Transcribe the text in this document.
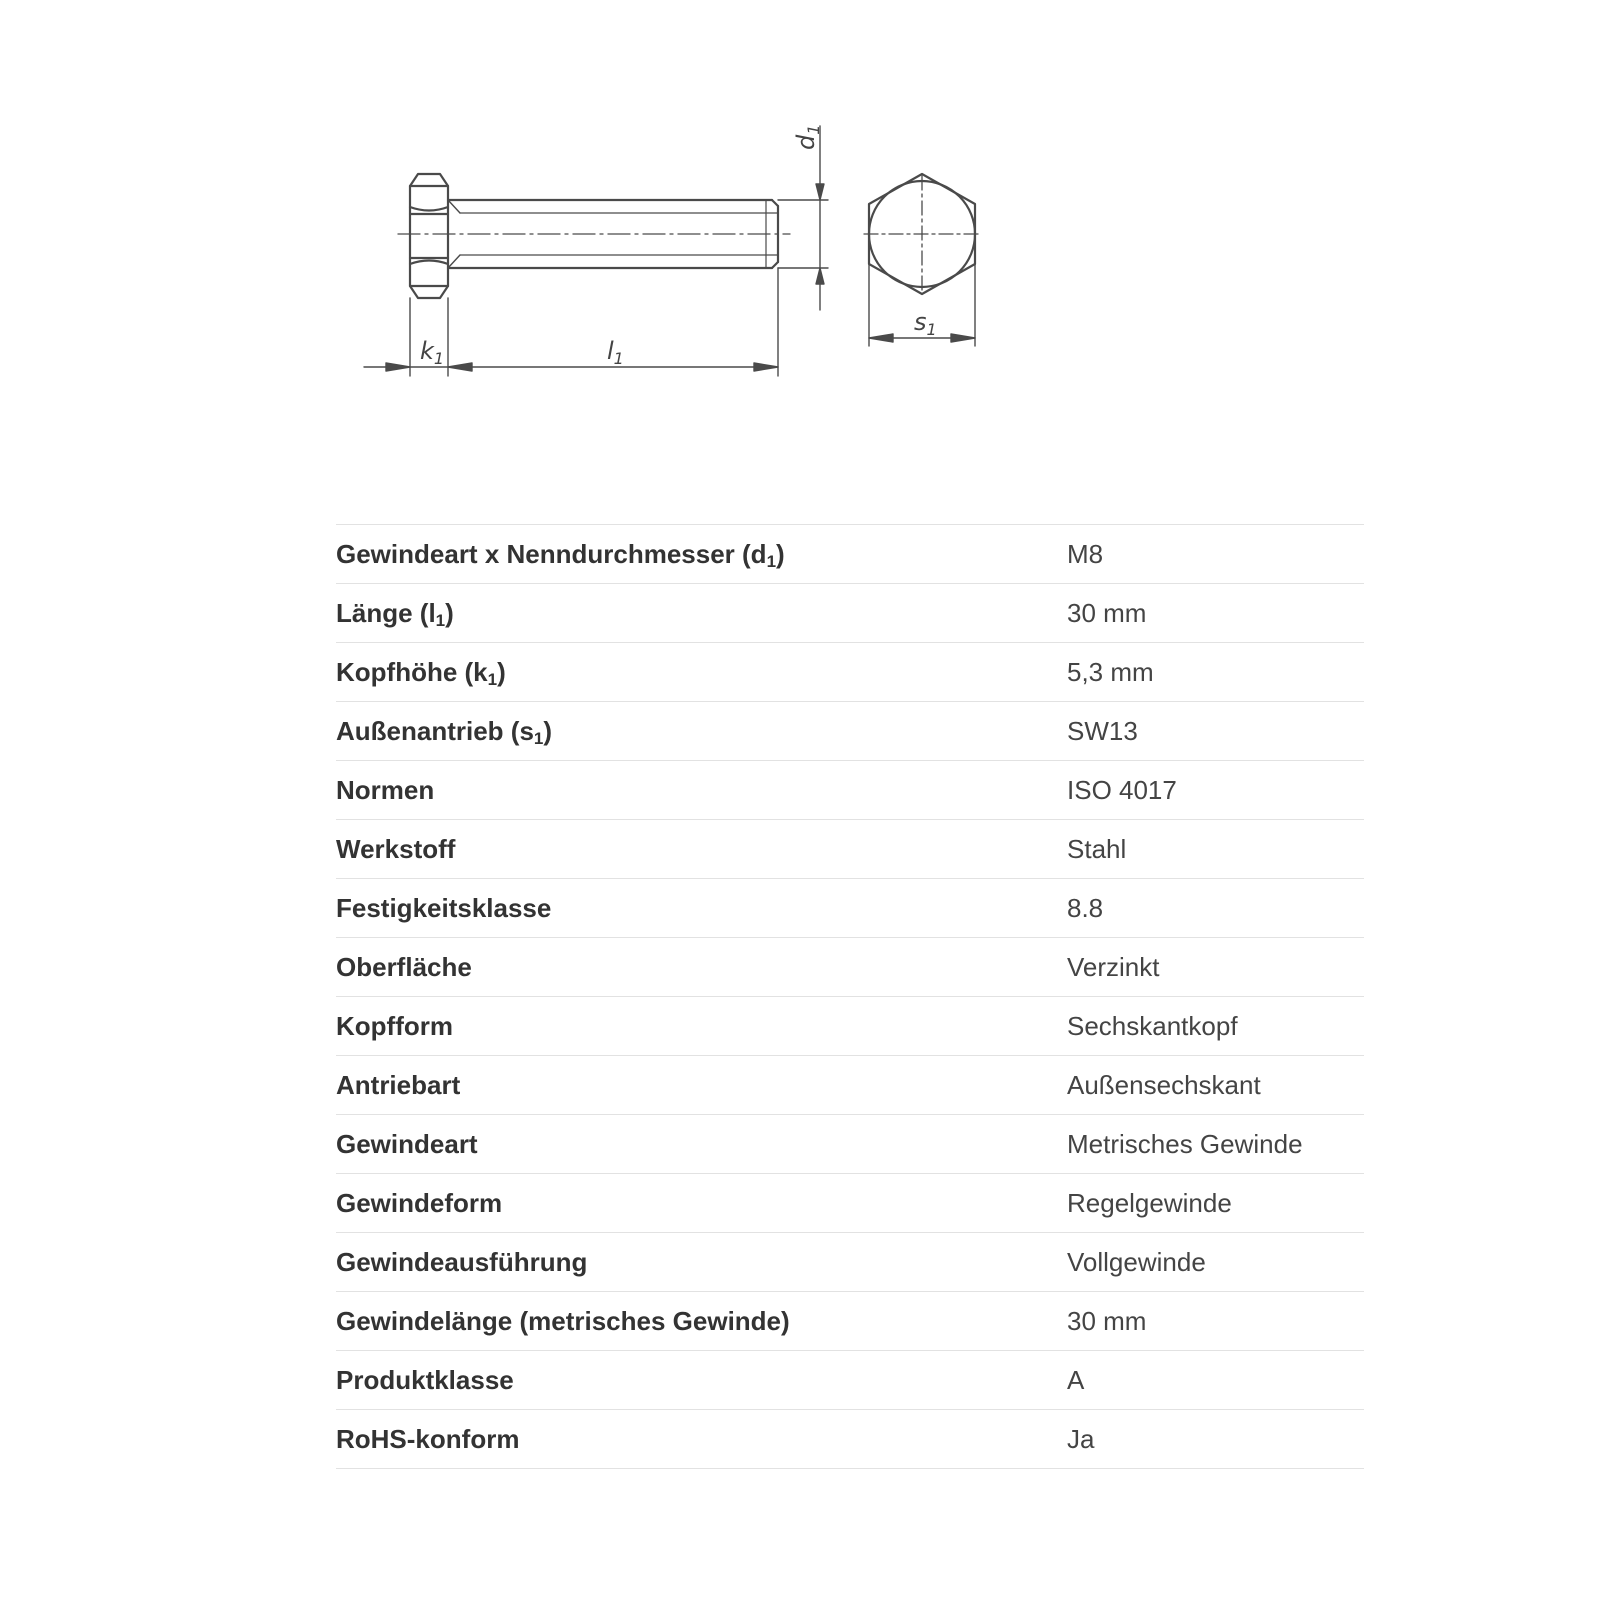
$d_1$
$k_1$	$l_1$
$s_1$
Gewindeart x Nenndurchmesser $(d_1)$	M8
Länge $(l_1)$	30 mm
Kopfhöhe $(k_1)$	5,3 mm
Außenantrieb $(s_1)$	SW13
Normen	ISO 4017
Werkstoff	Stahl
Festigkeitsklasse	8.8
Oberfläche	Verzinkt
Kopfform	Sechskantkopf
Antriebart	Außensechskant
Gewindeart	Metrisches Gewinde
Gewindeform	Regelgewinde
Gewindeausführung	Vollgewinde
Gewindelänge (metrisches Gewinde)	30 mm
Produktklasse	A
RoHS-konform	Ja
